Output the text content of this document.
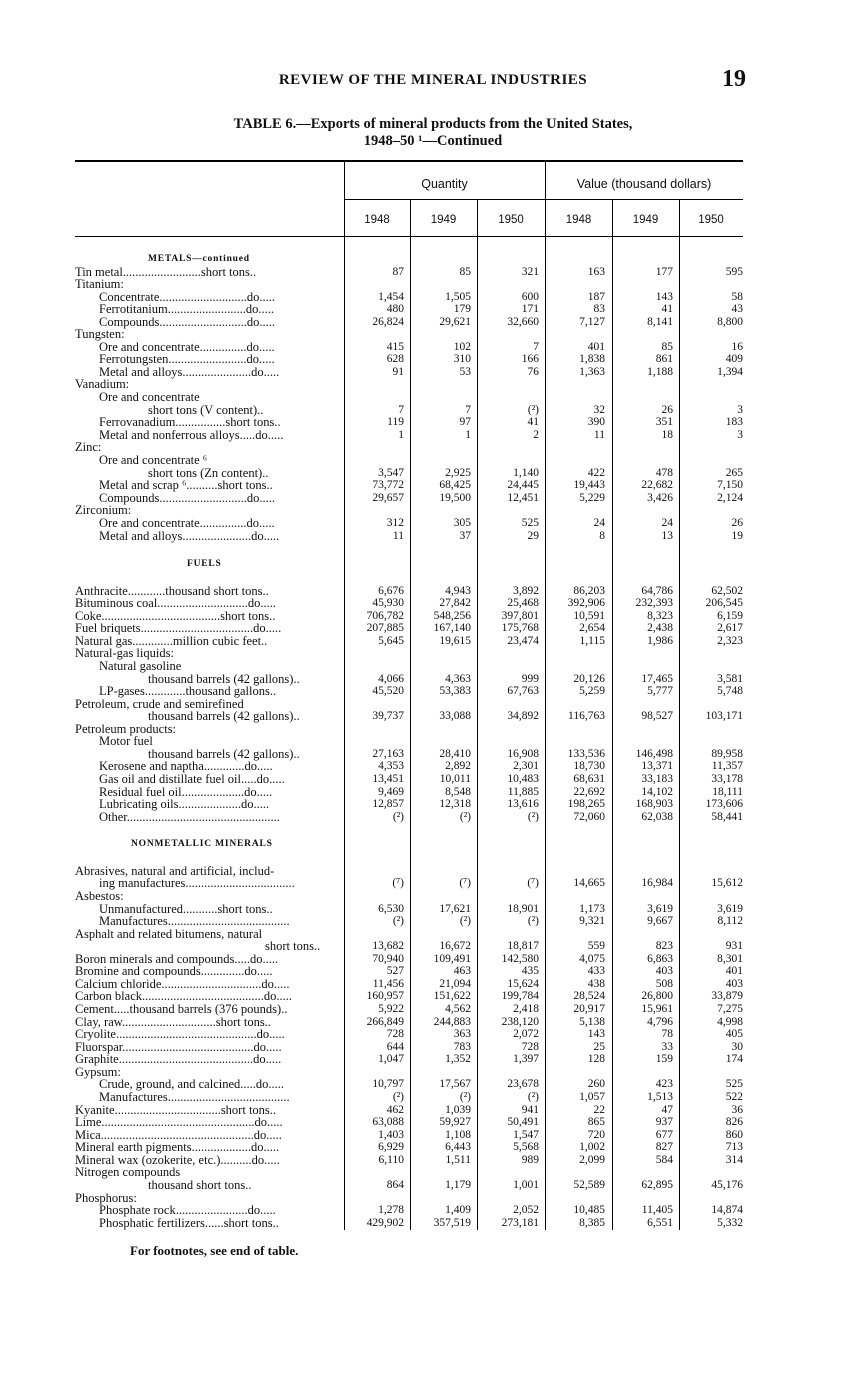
REVIEW OF THE MINERAL INDUSTRIES	19
TABLE 6.—Exports of mineral products from the United States,
1948–50 ¹—Continued
Quantity	Value (thousand dollars)
1948	1949	1950	1948	1949	1950
METALS—continued
Tin metal.........................short tons..	87	85	321	163	177	595
Titanium:
Concentrate............................do.....	1,454	1,505	600	187	143	58
Ferrotitanium.........................do.....	480	179	171	83	41	43
Compounds............................do.....	26,824	29,621	32,660	7,127	8,141	8,800
Tungsten:
Ore and concentrate...............do.....	415	102	7	401	85	16
Ferrotungsten.........................do.....	628	310	166	1,838	861	409
Metal and alloys......................do.....	91	53	76	1,363	1,188	1,394
Vanadium:
Ore and concentrate
short tons (V content)..	7	7	(²)	32	26	3
Ferrovanadium................short tons..	119	97	41	390	351	183
Metal and nonferrous alloys.....do.....	1	1	2	11	18	3
Zinc:
Ore and concentrate ⁶
short tons (Zn content)..	3,547	2,925	1,140	422	478	265
Metal and scrap ⁶..........short tons..	73,772	68,425	24,445	19,443	22,682	7,150
Compounds............................do.....	29,657	19,500	12,451	5,229	3,426	2,124
Zirconium:
Ore and concentrate...............do.....	312	305	525	24	24	26
Metal and alloys......................do.....	11	37	29	8	13	19
FUELS
Anthracite............thousand short tons..	6,676	4,943	3,892	86,203	64,786	62,502
Bituminous coal.............................do.....	45,930	27,842	25,468	392,906	232,393	206,545
Coke......................................short tons..	706,782	548,256	397,801	10,591	8,323	6,159
Fuel briquets....................................do.....	207,885	167,140	175,768	2,654	2,438	2,617
Natural gas.............million cubic feet..	5,645	19,615	23,474	1,115	1,986	2,323
Natural-gas liquids:
Natural gasoline
thousand barrels (42 gallons)..	4,066	4,363	999	20,126	17,465	3,581
LP-gases.............thousand gallons..	45,520	53,383	67,763	5,259	5,777	5,748
Petroleum, crude and semirefined
thousand barrels (42 gallons)..	39,737	33,088	34,892	116,763	98,527	103,171
Petroleum products:
Motor fuel
thousand barrels (42 gallons)..	27,163	28,410	16,908	133,536	146,498	89,958
Kerosene and naptha.............do.....	4,353	2,892	2,301	18,730	13,371	11,357
Gas oil and distillate fuel oil.....do.....	13,451	10,011	10,483	68,631	33,183	33,178
Residual fuel oil....................do.....	9,469	8,548	11,885	22,692	14,102	18,111
Lubricating oils....................do.....	12,857	12,318	13,616	198,265	168,903	173,606
Other.................................................	(²)	(²)	(²)	72,060	62,038	58,441
NONMETALLIC MINERALS
Abrasives, natural and artificial, includ-
ing manufactures...................................	(⁷)	(⁷)	(⁷)	14,665	16,984	15,612
Asbestos:
Unmanufactured...........short tons..	6,530	17,621	18,901	1,173	3,619	3,619
Manufactures.......................................	(²)	(²)	(²)	9,321	9,667	8,112
Asphalt and related bitumens, natural
short tons..	13,682	16,672	18,817	559	823	931
Boron minerals and compounds.....do.....	70,940	109,491	142,580	4,075	6,863	8,301
Bromine and compounds..............do.....	527	463	435	433	403	401
Calcium chloride................................do.....	11,456	21,094	15,624	438	508	403
Carbon black.......................................do.....	160,957	151,622	199,784	28,524	26,800	33,879
Cement.....thousand barrels (376 pounds)..	5,922	4,562	2,418	20,917	15,961	7,275
Clay, raw..............................short tons..	266,849	244,883	238,120	5,138	4,796	4,998
Cryolite.............................................do.....	728	363	2,072	143	78	405
Fluorspar..........................................do.....	644	783	728	25	33	30
Graphite...........................................do.....	1,047	1,352	1,397	128	159	174
Gypsum:
Crude, ground, and calcined.....do.....	10,797	17,567	23,678	260	423	525
Manufactures.......................................	(²)	(²)	(²)	1,057	1,513	522
Kyanite..................................short tons..	462	1,039	941	22	47	36
Lime.................................................do.....	63,088	59,927	50,491	865	937	826
Mica.................................................do.....	1,403	1,108	1,547	720	677	860
Mineral earth pigments...................do.....	6,929	6,443	5,568	1,002	827	713
Mineral wax (ozokerite, etc.)..........do.....	6,110	1,511	989	2,099	584	314
Nitrogen compounds
thousand short tons..	864	1,179	1,001	52,589	62,895	45,176
Phosphorus:
Phosphate rock.......................do.....	1,278	1,409	2,052	10,485	11,405	14,874
Phosphatic fertilizers......short tons..	429,902	357,519	273,181	8,385	6,551	5,332
For footnotes, see end of table.
